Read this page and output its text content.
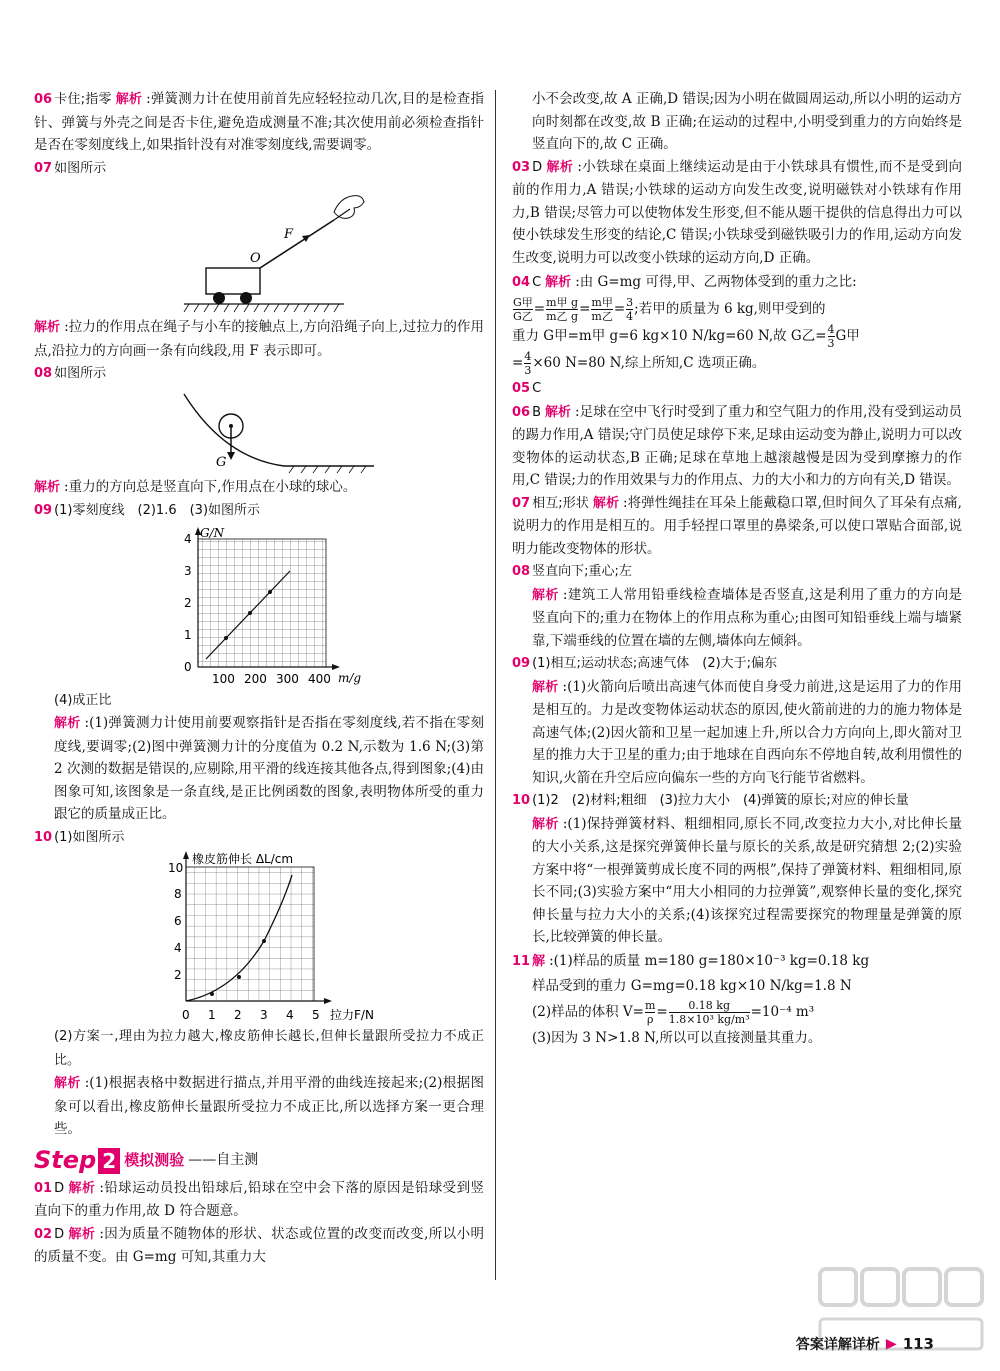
06 卡住;指零 解析 :弹簧测力计在使用前首先应轻轻拉动几次,目的是检查指针、弹簧与外壳之间是否卡住,避免造成测量不准;其次使用前必须检查指针是否在零刻度线上,如果指针没有对准零刻度线,需要调零。
07 如图所示
O
F
解析 :拉力的作用点在绳子与小车的接触点上,方向沿绳子向上,过拉力的作用点,沿拉力的方向画一条有向线段,用 F 表示即可。
08 如图所示
G
解析 :重力的方向总是竖直向下,作用点在小球的球心。
09 (1)零刻度线　(2)1.6　(3)如图所示
G/N
m/g
4
3
2
1
0
100 200 300 400
(4)成正比
解析 :(1)弹簧测力计使用前要观察指针是否指在零刻度线,若不指在零刻度线,要调零;(2)图中弹簧测力计的分度值为 0.2 N,示数为 1.6 N;(3)第 2 次测的数据是错误的,应剔除,用平滑的线连接其他各点,得到图象;(4)由图象可知,该图象是一条直线,是正比例函数的图象,表明物体所受的重力跟它的质量成正比。
10 (1)如图所示
橡皮筋伸长 ΔL/cm
拉力F/N
10
8
6
4
2
0 1 2 3 4 5
(2)方案一,理由为拉力越大,橡皮筋伸长越长,但伸长量跟所受拉力不成正比。
解析 :(1)根据表格中数据进行描点,并用平滑的曲线连接起来;(2)根据图象可以看出,橡皮筋伸长量跟所受拉力不成正比,所以选择方案一更合理些。
Step 2 模拟测验 ——自主测
01 D 解析 :铅球运动员投出铅球后,铅球在空中会下落的原因是铅球受到竖直向下的重力作用,故 D 符合题意。
02 D 解析 :因为质量不随物体的形状、状态或位置的改变而改变,所以小明的质量不变。由 G=mg 可知,其重力大
小不会改变,故 A 正确,D 错误;因为小明在做圆周运动,所以小明的运动方向时刻都在改变,故 B 正确;在运动的过程中,小明受到重力的方向始终是竖直向下的,故 C 正确。
03 D 解析 :小铁球在桌面上继续运动是由于小铁球具有惯性,而不是受到向前的作用力,A 错误;小铁球的运动方向发生改变,说明磁铁对小铁球有作用力,B 错误;尽管力可以使物体发生形变,但不能从题干提供的信息得出力可以使小铁球发生形变的结论,C 错误;小铁球受到磁铁吸引力的作用,运动方向发生改变,说明力可以改变小铁球的运动方向,D 正确。
04 C 解析 :由 G=mg 可得,甲、乙两物体受到的重力之比:

$\frac{\text{G甲}}{\text{G乙}} = \frac{\text{m甲 g}}{\text{m乙 g}} = \frac{\text{m甲}}{\text{m乙}} = \frac{3}{4}$ ;若甲的质量为 6 kg,则甲受到的
重力 G甲=m甲 g=6 kg×10 N/kg=60 N,故 G乙= $\frac{4}{3}$ G甲
= $\frac{4}{3} \times 60$ N=80 N,综上所知,C 选项正确。
05 C
06 B 解析 :足球在空中飞行时受到了重力和空气阻力的作用,没有受到运动员的踢力作用,A 错误;守门员使足球停下来,足球由运动变为静止,说明力可以改变物体的运动状态,B 正确;足球在草地上越滚越慢是因为受到摩擦力的作用,C 错误;力的作用效果与力的作用点、力的大小和力的方向有关,D 错误。
07 相互;形状 解析 :将弹性绳挂在耳朵上能戴稳口罩,但时间久了耳朵有点痛,说明力的作用是相互的。用手轻捏口罩里的鼻梁条,可以使口罩贴合面部,说明力能改变物体的形状。
08 竖直向下;重心;左
解析 :建筑工人常用铅垂线检查墙体是否竖直,这是利用了重力的方向是竖直向下的;重力在物体上的作用点称为重心;由图可知铅垂线上端与墙紧靠,下端垂线的位置在墙的左侧,墙体向左倾斜。
09 (1)相互;运动状态;高速气体　(2)大于;偏东
解析 :(1)火箭向后喷出高速气体而使自身受力前进,这是运用了力的作用是相互的。力是改变物体运动状态的原因,使火箭前进的力的施力物体是高速气体;(2)因火箭和卫星一起加速上升,所以合力方向向上,即火箭对卫星的推力大于卫星的重力;由于地球在自西向东不停地自转,故利用惯性的知识,火箭在升空后应向偏东一些的方向飞行能节省燃料。
10 (1)2　(2)材料;粗细　(3)拉力大小　(4)弹簧的原长;对应的伸长量
解析 :(1)保持弹簧材料、粗细相同,原长不同,改变拉力大小,对比伸长量的大小关系,这是探究弹簧伸长量与原长的关系,故是研究猜想 2;(2)实验方案中将“一根弹簧剪成长度不同的两根”,保持了弹簧材料、粗细相同,原长不同;(3)实验方案中“用大小相同的力拉弹簧”,观察伸长量的变化,探究伸长量与拉力大小的关系;(4)该探究过程需要探究的物理量是弹簧的原长,比较弹簧的伸长量。
11 解 :(1)样品的质量 m=180 g=180×10⁻³ kg=0.18 kg
样品受到的重力 G=mg=0.18 kg×10 N/kg=1.8 N
(2)样品的体积 $V= \frac{m}{\rho} = \frac{0.18 kg}{\text{1.8×10³ kg/m³}} =10^{-4}$ m³
(3)因为 3 N>1.8 N,所以可以直接测量其重力。
答案详解详析 ▶ 113
